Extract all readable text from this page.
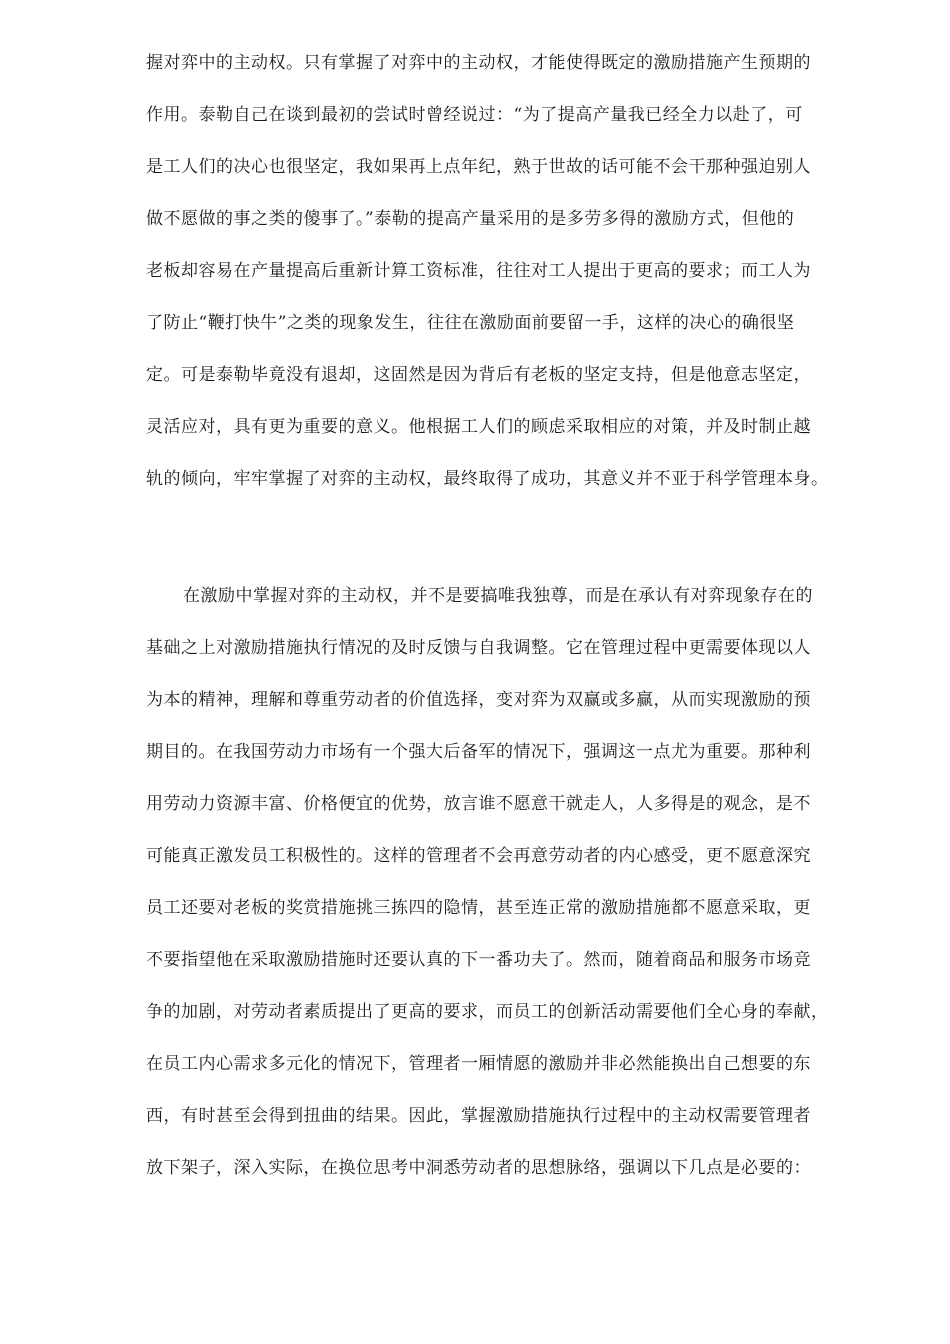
握对弈中的主动权。只有掌握了对弈中的主动权，才能使得既定的激励措施产生预期的
作用。泰勒自己在谈到最初的尝试时曾经说过：“为了提高产量我已经全力以赴了，可
是工人们的决心也很坚定，我如果再上点年纪，熟于世故的话可能不会干那种强迫别人
做不愿做的事之类的傻事了。”泰勒的提高产量采用的是多劳多得的激励方式，但他的
老板却容易在产量提高后重新计算工资标准，往往对工人提出于更高的要求；而工人为
了防止“鞭打快牛”之类的现象发生，往往在激励面前要留一手，这样的决心的确很坚
定。可是泰勒毕竟没有退却，这固然是因为背后有老板的坚定支持，但是他意志坚定，
灵活应对，具有更为重要的意义。他根据工人们的顾虑采取相应的对策，并及时制止越
轨的倾向，牢牢掌握了对弈的主动权，最终取得了成功，其意义并不亚于科学管理本身。
在激励中掌握对弈的主动权，并不是要搞唯我独尊，而是在承认有对弈现象存在的
基础之上对激励措施执行情况的及时反馈与自我调整。它在管理过程中更需要体现以人
为本的精神，理解和尊重劳动者的价值选择，变对弈为双赢或多赢，从而实现激励的预
期目的。在我国劳动力市场有一个强大后备军的情况下，强调这一点尤为重要。那种利
用劳动力资源丰富、价格便宜的优势，放言谁不愿意干就走人，人多得是的观念，是不
可能真正激发员工积极性的。这样的管理者不会再意劳动者的内心感受，更不愿意深究
员工还要对老板的奖赏措施挑三拣四的隐情，甚至连正常的激励措施都不愿意采取，更
不要指望他在采取激励措施时还要认真的下一番功夫了。然而，随着商品和服务市场竞
争的加剧，对劳动者素质提出了更高的要求，而员工的创新活动需要他们全心身的奉献，
在员工内心需求多元化的情况下，管理者一厢情愿的激励并非必然能换出自己想要的东
西，有时甚至会得到扭曲的结果。因此，掌握激励措施执行过程中的主动权需要管理者
放下架子，深入实际，在换位思考中洞悉劳动者的思想脉络，强调以下几点是必要的：
